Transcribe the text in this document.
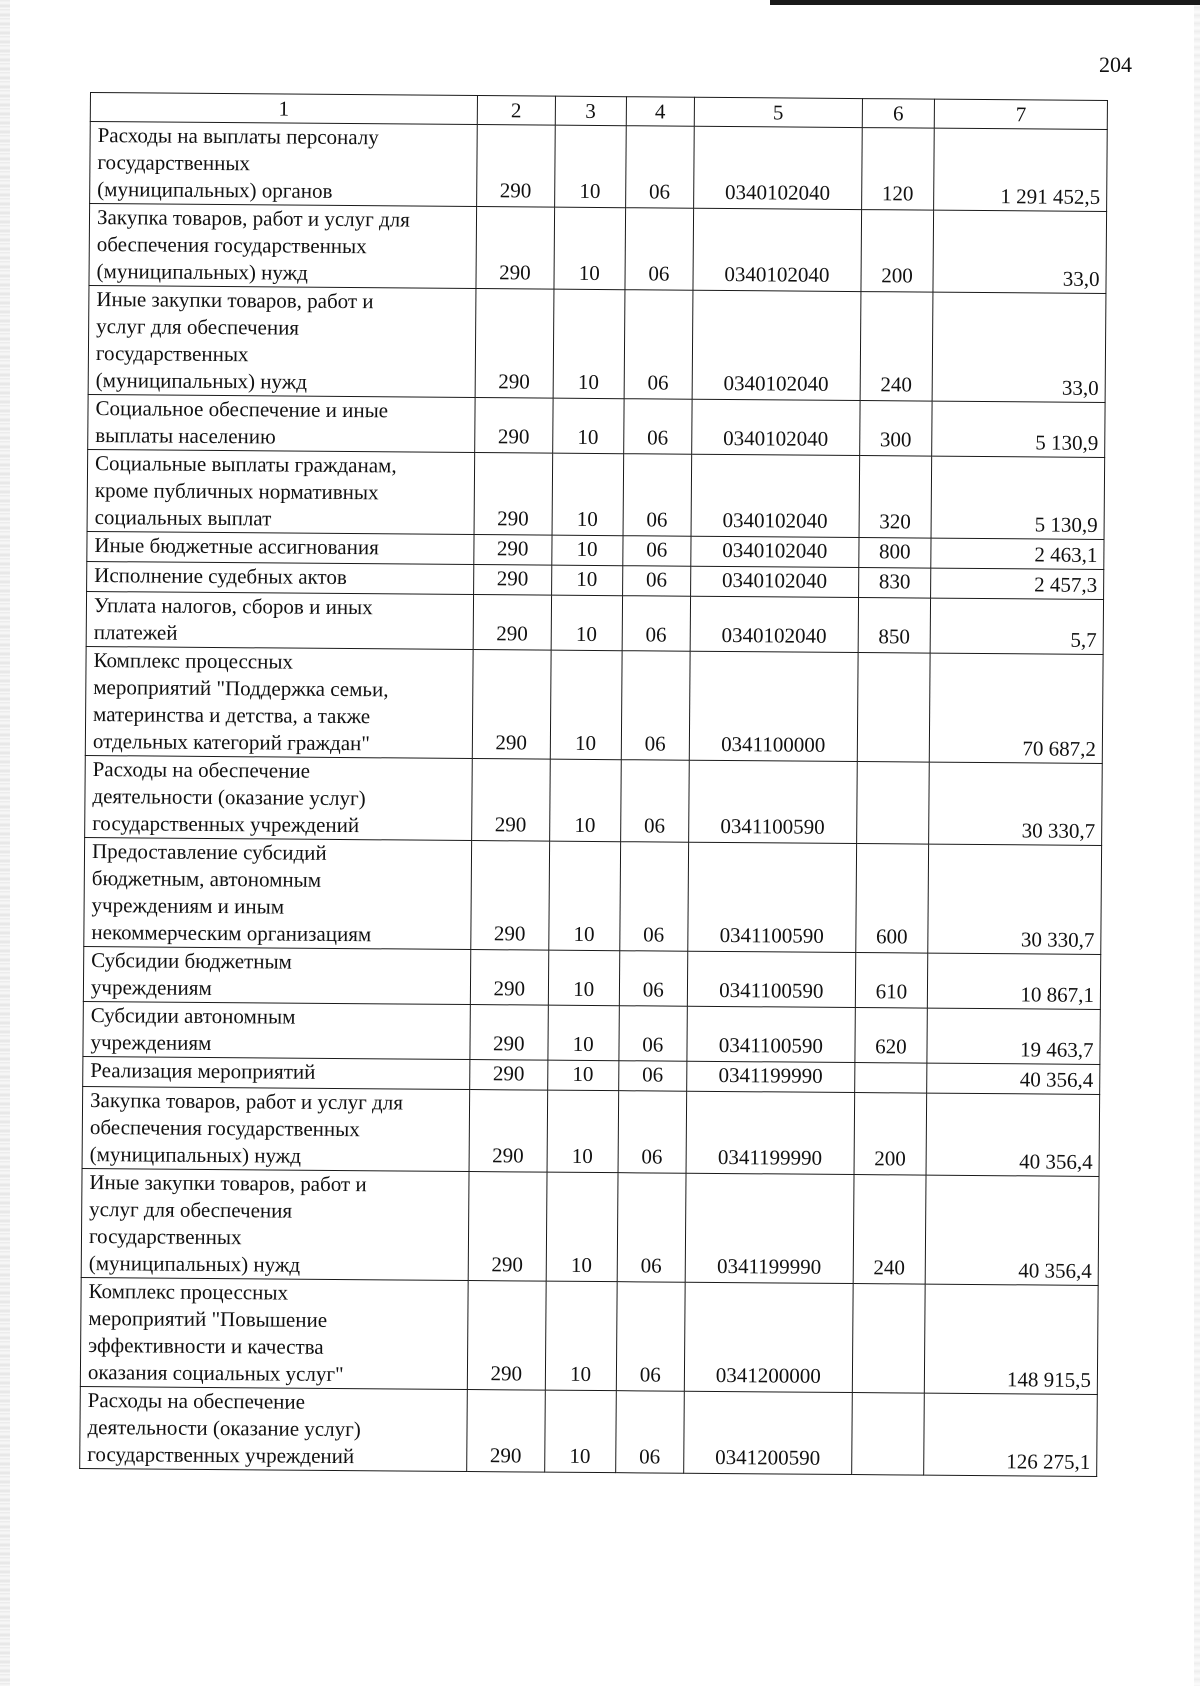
204
1	2	3	4	5	6	7
Расходы на выплаты персоналу
государственных
(муниципальных) органов	290	10	06	0340102040	120	1 291 452,5
Закупка товаров, работ и услуг для
обеспечения государственных
(муниципальных) нужд	290	10	06	0340102040	200	33,0
Иные закупки товаров, работ и
услуг для обеспечения
государственных
(муниципальных) нужд	290	10	06	0340102040	240	33,0
Социальное обеспечение и иные
выплаты населению	290	10	06	0340102040	300	5 130,9
Социальные выплаты гражданам,
кроме публичных нормативных
социальных выплат	290	10	06	0340102040	320	5 130,9
Иные бюджетные ассигнования	290	10	06	0340102040	800	2 463,1
Исполнение судебных актов	290	10	06	0340102040	830	2 457,3
Уплата налогов, сборов и иных
платежей	290	10	06	0340102040	850	5,7
Комплекс процессных
мероприятий "Поддержка семьи,
материнства и детства, а также
отдельных категорий граждан"	290	10	06	0341100000		70 687,2
Расходы на обеспечение
деятельности (оказание услуг)
государственных учреждений	290	10	06	0341100590		30 330,7
Предоставление субсидий
бюджетным, автономным
учреждениям и иным
некоммерческим организациям	290	10	06	0341100590	600	30 330,7
Субсидии бюджетным
учреждениям	290	10	06	0341100590	610	10 867,1
Субсидии автономным
учреждениям	290	10	06	0341100590	620	19 463,7
Реализация мероприятий	290	10	06	0341199990		40 356,4
Закупка товаров, работ и услуг для
обеспечения государственных
(муниципальных) нужд	290	10	06	0341199990	200	40 356,4
Иные закупки товаров, работ и
услуг для обеспечения
государственных
(муниципальных) нужд	290	10	06	0341199990	240	40 356,4
Комплекс процессных
мероприятий "Повышение
эффективности и качества
оказания социальных услуг"	290	10	06	0341200000		148 915,5
Расходы на обеспечение
деятельности (оказание услуг)
государственных учреждений	290	10	06	0341200590		126 275,1
